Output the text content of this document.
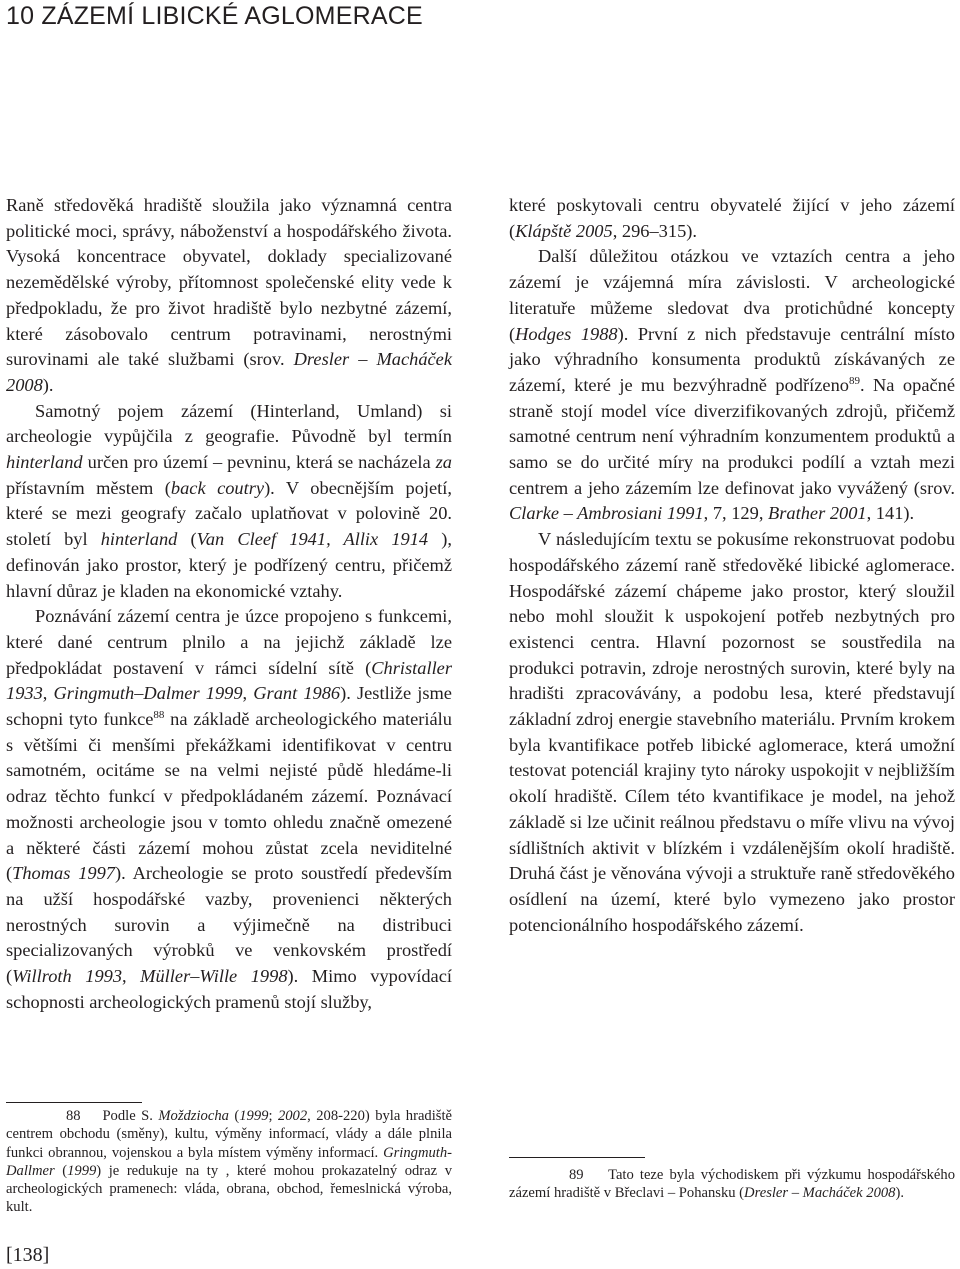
10 ZÁZEMÍ LIBICKÉ AGLOMERACE

Raně středověká hradiště sloužila jako významná centra politické moci, správy, náboženství a hospodářského života. Vysoká koncentrace obyvatel, doklady specializované nezemědělské výroby, přítomnost společenské elity vede k předpokladu, že pro život hradiště bylo nezbytné zázemí, které zásobovalo centrum potravinami, nerostnými surovinami ale také službami (srov. Dresler – Macháček 2008).

Samotný pojem zázemí (Hinterland, Umland) si archeologie vypůjčila z geografie. Původně byl termín hinterland určen pro území – pevninu, která se nacházela za přístavním městem (back coutry). V obecnějším pojetí, které se mezi geografy začalo uplatňovat v polovině 20. století byl hinterland (Van Cleef 1941, Allix 1914 ), definován jako prostor, který je podřízený centru, přičemž hlavní důraz je kladen na ekonomické vztahy.

Poznávání zázemí centra je úzce propojeno s funkcemi, které dané centrum plnilo a na jejichž základě lze předpokládat postavení v rámci sídelní sítě (Christaller 1933, Gringmuth–Dalmer 1999, Grant 1986). Jestliže jsme schopni tyto funkce$^{88}$ na základě archeologického materiálu s většími či menšími překážkami identifikovat v centru samotném, ocitáme se na velmi nejisté půdě hledáme-li odraz těchto funkcí v předpokládaném zázemí. Poznávací možnosti archeologie jsou v tomto ohledu značně omezené a některé části zázemí mohou zůstat zcela neviditelné (Thomas 1997). Archeologie se proto soustředí především na užší hospodářské vazby, provenienci některých nerostných surovin a výjimečně na distribuci specializovaných výrobků ve venkovském prostředí (Willroth 1993, Müller–Wille 1998). Mimo vypovídací schopnosti archeologických pramenů stojí služby,

které poskytovali centru obyvatelé žijící v jeho zázemí (Klápště 2005, 296–315).

Další důležitou otázkou ve vztazích centra a jeho zázemí je vzájemná míra závislosti. V archeologické literatuře můžeme sledovat dva protichůdné koncepty (Hodges 1988). První z nich představuje centrální místo jako výhradního konsumenta produktů získávaných ze zázemí, které je mu bezvýhradně podřízeno$^{89}$. Na opačné straně stojí model více diverzifikovaných zdrojů, přičemž samotné centrum není výhradním konzumentem produktů a samo se do určité míry na produkci podílí a vztah mezi centrem a jeho zázemím lze definovat jako vyvážený (srov. Clarke – Ambrosiani 1991, 7, 129, Brather 2001, 141).

V následujícím textu se pokusíme rekonstruovat podobu hospodářského zázemí raně středověké libické aglomerace. Hospodářské zázemí chápeme jako prostor, který sloužil nebo mohl sloužit k uspokojení potřeb nezbytných pro existenci centra. Hlavní pozornost se soustředila na produkci potravin, zdroje nerostných surovin, které byly na hradišti zpracovávány, a podobu lesa, které představují základní zdroj energie stavebního materiálu. Prvním krokem byla kvantifikace potřeb libické aglomerace, která umožní testovat potenciál krajiny tyto nároky uspokojit v nejbližším okolí hradiště. Cílem této kvantifikace je model, na jehož základě si lze učinit reálnou představu o míře vlivu na vývoj sídlištních aktivit v blízkém i vzdálenějším okolí hradiště. Druhá část je věnována vývoji a struktuře raně středověkého osídlení na území, které bylo vymezeno jako prostor potencionálního hospodářského zázemí.

88 Podle S. Moždziocha (1999; 2002, 208-220) byla hradiště centrem obchodu (směny), kultu, výměny informací, vlády a dále plnila funkci obrannou, vojenskou a byla místem výměny informací. Gringmuth-Dallmer (1999) je redukuje na ty , které mohou prokazatelný odraz v archeologických pramenech: vláda, obrana, obchod, řemeslnická výroba, kult.

89 Tato teze byla východiskem při výzkumu hospodářského zázemí hradiště v Břeclavi – Pohansku (Dresler – Macháček 2008).

[138]
